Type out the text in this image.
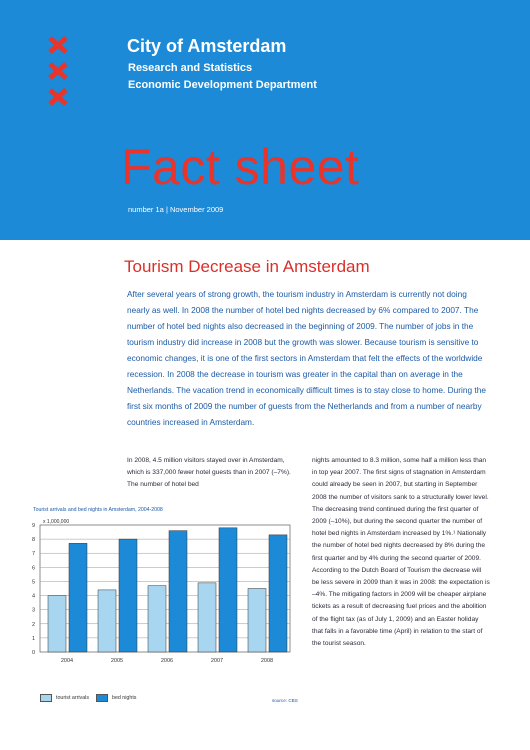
City of Amsterdam
Research and Statistics
Economic Development Department
Fact sheet
number 1a | November 2009
Tourism Decrease in Amsterdam
After several years of strong growth, the tourism industry in Amsterdam is currently not doing nearly as well. In 2008 the number of hotel bed nights decreased by 6% compared to 2007. The number of hotel bed nights also decreased in the beginning of 2009. The number of jobs in the tourism industry did increase in 2008 but the growth was slower. Because tourism is sensitive to economic changes, it is one of the first sectors in Amsterdam that felt the effects of the worldwide recession. In 2008 the decrease in tourism was greater in the capital than on average in the Netherlands. The vacation trend in economically difficult times is to stay close to home. During the first six months of 2009 the number of guests from the Netherlands and from a number of nearby countries increased in Amsterdam.
In 2008, 4.5 million visitors stayed over in Amsterdam, which is 337,000 fewer hotel guests than in 2007 (–7%). The number of hotel bed
nights amounted to 8.3 million, some half a million less than in top year 2007. The first signs of stagnation in Amsterdam could already be seen in 2007, but starting in September 2008 the number of visitors sank to a structurally lower level. The decreasing trend continued during the first quarter of 2009 (–10%), but during the second quarter the number of hotel bed nights in Amsterdam increased by 1%.¹ Nationally the number of hotel bed nights decreased by 8% during the first quarter and by 4% during the second quarter of 2009. According to the Dutch Board of Tourism the decrease will be less severe in 2009 than it was in 2008: the expectation is –4%. The mitigating factors in 2009 will be cheaper airplane tickets as a result of decreasing fuel prices and the abolition of the flight tax (as of July 1, 2009) and an Easter holiday that falls in a favorable time (April) in relation to the start of the tourist season.
Tourist arrivals and bed nights in Amsterdam, 2004-2008
0
1
2
3
4
5
6
7
8
9
x 1,000,000
2004	2005	2006	2007	2008
tourist arrivals	bed nights	source: CBS
